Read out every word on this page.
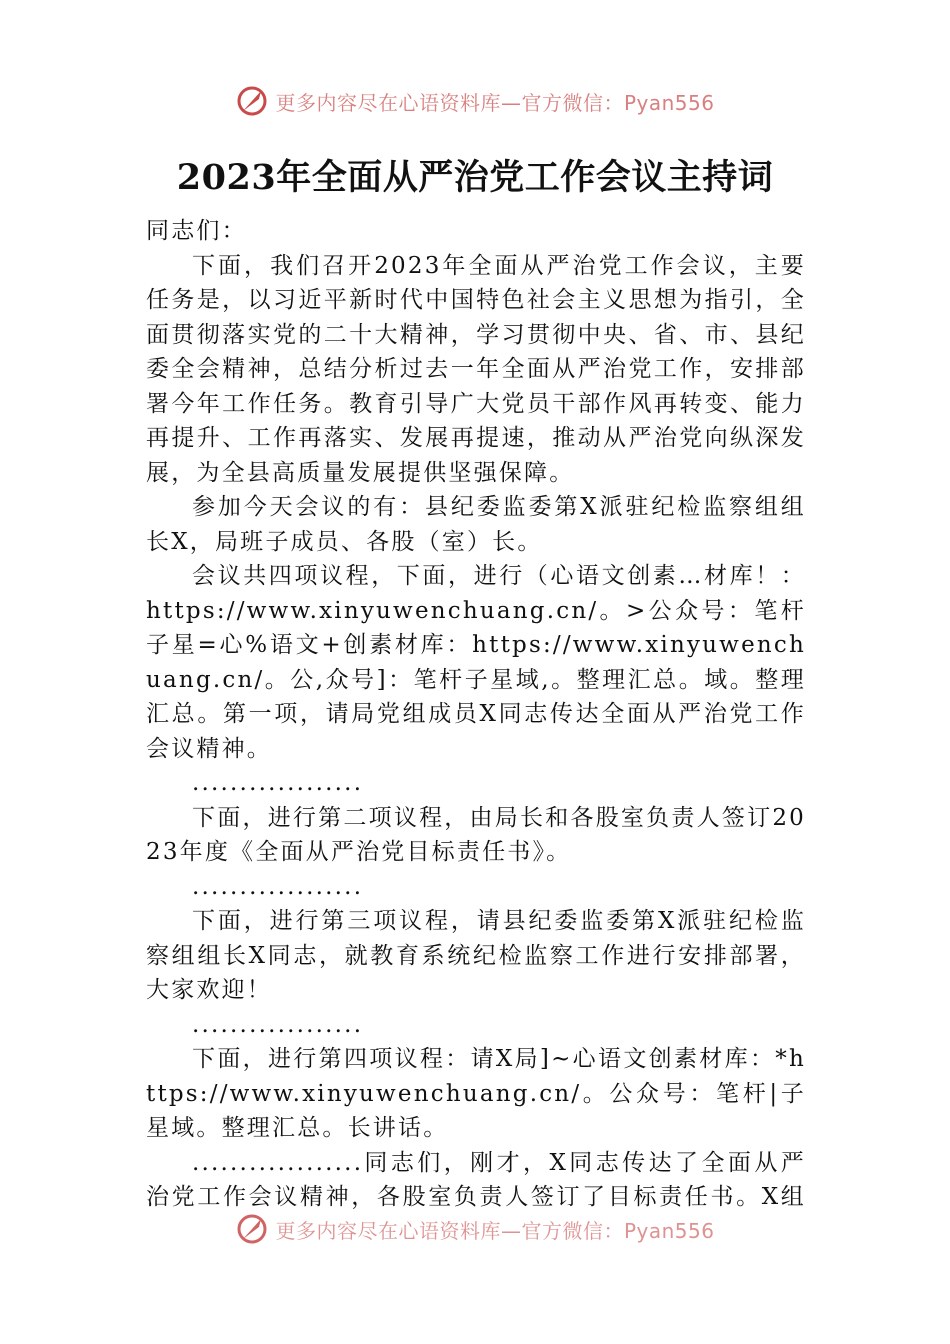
更多内容尽在心语资料库—官方微信：Pyan556
2023年全面从严治党工作会议主持词

同志们：

下面，我们召开2023年全面从严治党工作会议，主要任务是，以习近平新时代中国特色社会主义思想为指引，全面贯彻落实党的二十大精神，学习贯彻中央、省、市、县纪委全会精神，总结分析过去一年全面从严治党工作，安排部署今年工作任务。教育引导广大党员干部作风再转变、能力再提升、工作再落实、发展再提速，推动从严治党向纵深发展，为全县高质量发展提供坚强保障。

参加今天会议的有：县纪委监委第X派驻纪检监察组组长X，局班子成员、各股（室）长。

会议共四项议程，下面，进行（心语文创素…材库！：https://www.xinyuwenchuang.cn/。>公众号：笔杆子星=心%语文+创素材库：https://www.xinyuwenchuang.cn/。公,众号]：笔杆子星域,。整理汇总。域。整理汇总。第一项，请局党组成员X同志传达全面从严治党工作会议精神。

..................

下面，进行第二项议程，由局长和各股室负责人签订2023年度《全面从严治党目标责任书》。

..................

下面，进行第三项议程，请县纪委监委第X派驻纪检监察组组长X同志，就教育系统纪检监察工作进行安排部署，大家欢迎！

..................

下面，进行第四项议程：请X局]~心语文创素材库：*https://www.xinyuwenchuang.cn/。公众号：笔杆|子星域。整理汇总。长讲话。

..................同志们，刚才，X同志传达了全面从严治党工作会议精神，各股室负责人签订了目标责任书。X组

更多内容尽在心语资料库—官方微信：Pyan556
